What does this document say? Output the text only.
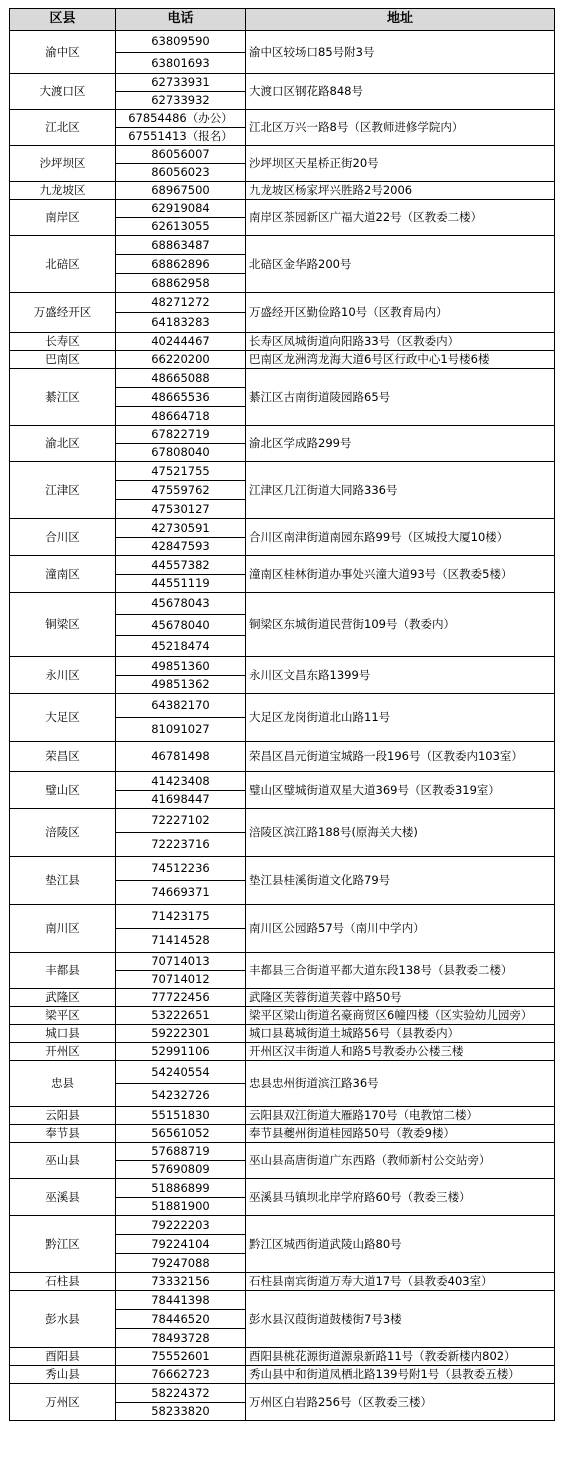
区县	电话	地址
渝中区	63809590	渝中区较场口85号附3号
	63801693	
大渡口区	62733931	大渡口区钢花路848号
	62733932	
江北区	67854486（办公）	江北区万兴一路8号（区教师进修学院内）
	67551413（报名）	
沙坪坝区	86056007	沙坪坝区天星桥正街20号
	86056023	
九龙坡区	68967500	九龙坡区杨家坪兴胜路2号2006
南岸区	62919084	南岸区茶园新区广福大道22号（区教委二楼）
	62613055	
北碚区	68863487	北碚区金华路200号
	68862896	
	68862958	
万盛经开区	48271272	万盛经开区勤俭路10号（区教育局内）
	64183283	
长寿区	40244467	长寿区凤城街道向阳路33号（区教委内）
巴南区	66220200	巴南区龙洲湾龙海大道6号区行政中心1号楼6楼
綦江区	48665088	綦江区古南街道陵园路65号
	48665536	
	48664718	
渝北区	67822719	渝北区学成路299号
	67808040	
江津区	47521755	江津区几江街道大同路336号
	47559762	
	47530127	
合川区	42730591	合川区南津街道南园东路99号（区城投大厦10楼）
	42847593	
潼南区	44557382	潼南区桂林街道办事处兴潼大道93号（区教委5楼）
	44551119	
铜梁区	45678043	铜梁区东城街道民营街109号（教委内）
	45678040	
	45218474	
永川区	49851360	永川区文昌东路1399号
	49851362	
大足区	64382170	大足区龙岗街道北山路11号
	81091027	
荣昌区	46781498	荣昌区昌元街道宝城路一段196号（区教委内103室）
璧山区	41423408	璧山区璧城街道双星大道369号（区教委319室）
	41698447	
涪陵区	72227102	涪陵区滨江路188号(原海关大楼)
	72223716	
垫江县	74512236	垫江县桂溪街道文化路79号
	74669371	
南川区	71423175	南川区公园路57号（南川中学内）
	71414528	
丰都县	70714013	丰都县三合街道平都大道东段138号（县教委二楼）
	70714012	
武隆区	77722456	武隆区芙蓉街道芙蓉中路50号
梁平区	53222651	梁平区梁山街道名豪商贸区6幢四楼（区实验幼儿园旁）
城口县	59222301	城口县葛城街道土城路56号（县教委内）
开州区	52991106	开州区汉丰街道人和路5号教委办公楼三楼
忠县	54240554	忠县忠州街道滨江路36号
	54232726	
云阳县	55151830	云阳县双江街道大雁路170号（电教馆二楼）
奉节县	56561052	奉节县夔州街道桂园路50号（教委9楼）
巫山县	57688719	巫山县高唐街道广东西路（教师新村公交站旁）
	57690809	
巫溪县	51886899	巫溪县马镇坝北岸学府路60号（教委三楼）
	51881900	
黔江区	79222203	黔江区城西街道武陵山路80号
	79224104	
	79247088	
石柱县	73332156	石柱县南宾街道万寿大道17号（县教委403室）
彭水县	78441398	彭水县汉葭街道鼓楼街7号3楼
	78446520	
	78493728	
酉阳县	75552601	酉阳县桃花源街道源泉新路11号（教委新楼内802）
秀山县	76662723	秀山县中和街道凤栖北路139号附1号（县教委五楼）
万州区	58224372	万州区白岩路256号（区教委三楼）
	58233820	
